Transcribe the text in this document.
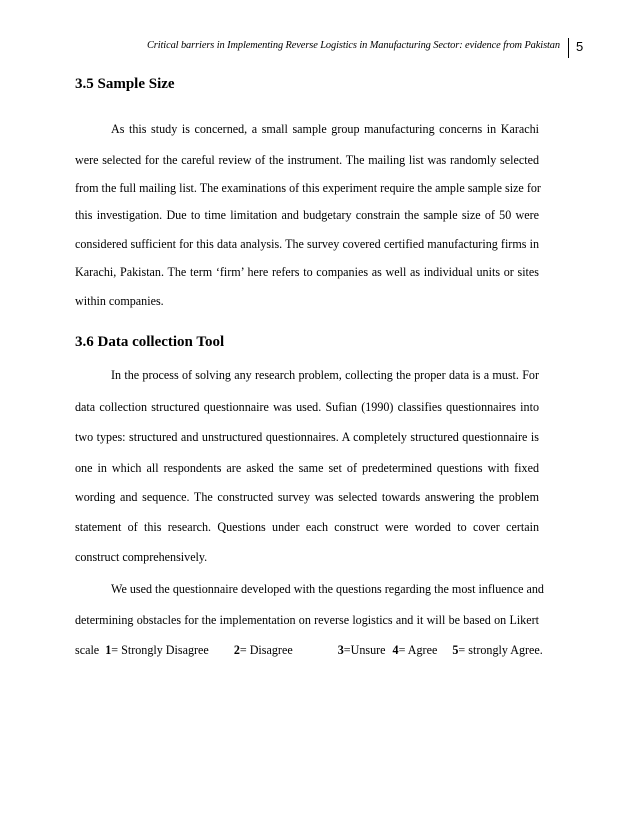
Critical barriers in Implementing Reverse Logistics in Manufacturing Sector: evidence from Pakistan 5
3.5 Sample Size

As this study is concerned, a small sample group manufacturing concerns in Karachi

were selected for the careful review of the instrument. The mailing list was randomly selected

from the full mailing list. The examinations of this experiment require the ample sample size for

this investigation. Due to time limitation and budgetary constrain the sample size of 50 were

considered sufficient for this data analysis. The survey covered certified manufacturing firms in

Karachi, Pakistan. The term ‘firm’ here refers to companies as well as individual units or sites

within companies.

3.6 Data collection Tool

In the process of solving any research problem, collecting the proper data is a must. For

data collection structured questionnaire was used. Sufian (1990) classifies questionnaires into

two types: structured and unstructured questionnaires. A completely structured questionnaire is

one in which all respondents are asked the same set of predetermined questions with fixed

wording and sequence. The constructed survey was selected towards answering the problem

statement of this research. Questions under each construct were worded to cover certain

construct comprehensively.

We used the questionnaire developed with the questions regarding the most influence and

determining obstacles for the implementation on reverse logistics and it will be based on Likert

scale 1= Strongly Disagree 2= Disagree	3=Unsure 4= Agree 5= strongly Agree.
